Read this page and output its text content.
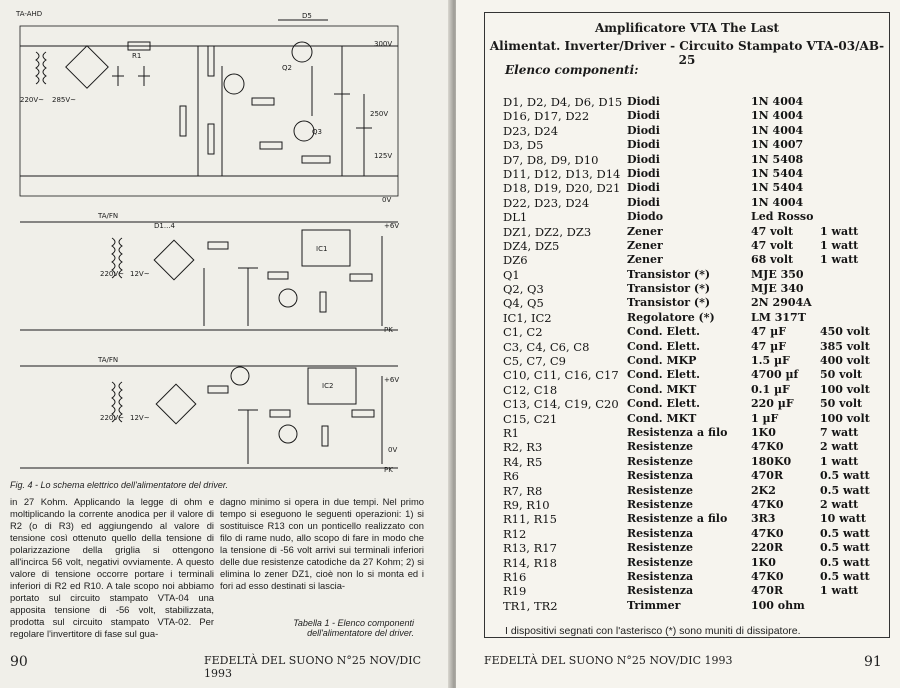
TA-AHD
220V~ 285V~
R1
D5
Q2
Q3
300V
250V
125V
0V
TA/FN
220V~ 12V~
D1...4
IC1
+6V
PK
TA/FN
220V~ 12V~
IC2
+6V
0V
PK
Fig. 4 - Lo schema elettrico dell'alimentatore del driver.

in 27 Kohm. Applicando la legge di ohm e moltiplicando la corrente anodica per il valore di R2 (o di R3) ed aggiungendo al valore di tensione così ottenuto quello della tensione di polarizzazione della griglia si ottengono all'incirca 56 volt, negativi ovviamente. A questo valore di tensione occorre portare i terminali inferiori di R2 ed R10. A tale scopo noi abbiamo portato sul circuito stampato VTA-04 una apposita tensione di -56 volt, stabilizzata, prodotta sul circuito stampato VTA-02. Per regolare l'invertitore di fase sul gua-

dagno minimo si opera in due tempi. Nel primo tempo si eseguono le seguenti operazioni: 1) si sostituisce R13 con un ponticello realizzato con filo di rame nudo, allo scopo di fare in modo che la tensione di -56 volt arrivi sui terminali inferiori delle due resistenze catodiche da 27 Kohm; 2) si elimina lo zener DZ1, cioè non lo si monta ed i fori ad esso destinati si lascia-

Tabella 1 - Elenco componenti
dell'alimentatore del driver.
90	FEDELTÀ DEL SUONO N°25 NOV/DIC 1993
Amplificatore VTA The Last
Alimentat. Inverter/Driver - Circuito Stampato VTA-03/AB-25
Elenco componenti:
D1, D2, D4, D6, D15 Diodi	1N 4004
D16, D17, D22	Diodi	1N 4004
D23, D24	Diodi	1N 4004
D3, D5	Diodi	1N 4007
D7, D8, D9, D10	Diodi	1N 5408
D11, D12, D13, D14 Diodi	1N 5404
D18, D19, D20, D21 Diodi	1N 5404
D22, D23, D24	Diodi	1N 4004
DL1	Diodo	Led Rosso
DZ1, DZ2, DZ3	Zener	47 volt 1 watt
DZ4, DZ5	Zener	47 volt 1 watt
DZ6	Zener	68 volt 1 watt
Q1	Transistor (*)	MJE 350
Q2, Q3	Transistor (*)	MJE 340
Q4, Q5	Transistor (*)	2N 2904A
IC1, IC2	Regolatore (*)	LM 317T
C1, C2	Cond. Elett.	47 µF	450 volt
C3, C4, C6, C8	Cond. Elett.	47 µF	385 volt
C5, C7, C9	Cond. MKP	1.5 µF	400 volt
C10, C11, C16, C17 Cond. Elett.	4700 µf 50 volt
C12, C18	Cond. MKT	0.1 µF	100 volt
C13, C14, C19, C20 Cond. Elett.	220 µF 50 volt
C15, C21	Cond. MKT	1 µF	100 volt
R1	Resistenza a filo 1K0	7 watt
R2, R3	Resistenze	47K0	2 watt
R4, R5	Resistenze	180K0	1 watt
R6	Resistenza	470R	0.5 watt
R7, R8	Resistenze	2K2	0.5 watt
R9, R10	Resistenze	47K0	2 watt
R11, R15	Resistenze a filo 3R3	10 watt
R12	Resistenza	47K0	0.5 watt
R13, R17	Resistenze	220R	0.5 watt
R14, R18	Resistenze	1K0	0.5 watt
R16	Resistenza	47K0	0.5 watt
R19	Resistenza	470R	1 watt
TR1, TR2	Trimmer	100 ohm
I dispositivi segnati con l'asterisco (*) sono muniti di dissipatore.
FEDELTÀ DEL SUONO N°25 NOV/DIC 1993	91
